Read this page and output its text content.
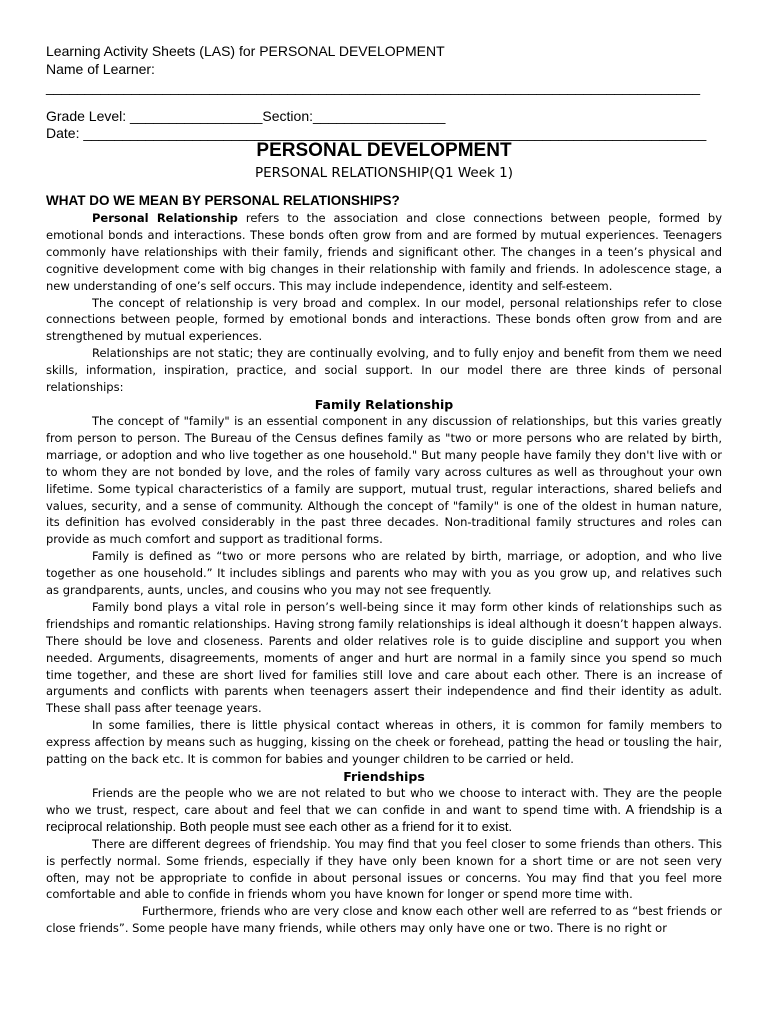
Learning Activity Sheets (LAS) for PERSONAL DEVELOPMENT
Name of Learner:
____________________________________________________________________________________
Grade Level: _________________Section:_________________
Date: ________________________________________________________________________________
PERSONAL DEVELOPMENT
PERSONAL RELATIONSHIP(Q1 Week 1)
WHAT DO WE MEAN BY PERSONAL RELATIONSHIPS?

Personal Relationship refers to the association and close connections between people, formed by emotional bonds and interactions. These bonds often grow from and are formed by mutual experiences. Teenagers commonly have relationships with their family, friends and significant other. The changes in a teen’s physical and cognitive development come with big changes in their relationship with family and friends. In adolescence stage, a new understanding of one’s self occurs. This may include independence, identity and self-esteem.

The concept of relationship is very broad and complex. In our model, personal relationships refer to close connections between people, formed by emotional bonds and interactions. These bonds often grow from and are strengthened by mutual experiences.

Relationships are not static; they are continually evolving, and to fully enjoy and benefit from them we need skills, information, inspiration, practice, and social support. In our model there are three kinds of personal relationships:

Family Relationship

The concept of "family" is an essential component in any discussion of relationships, but this varies greatly from person to person. The Bureau of the Census defines family as "two or more persons who are related by birth, marriage, or adoption and who live together as one household." But many people have family they don't live with or to whom they are not bonded by love, and the roles of family vary across cultures as well as throughout your own lifetime. Some typical characteristics of a family are support, mutual trust, regular interactions, shared beliefs and values, security, and a sense of community. Although the concept of "family" is one of the oldest in human nature, its definition has evolved considerably in the past three decades. Non-traditional family structures and roles can provide as much comfort and support as traditional forms.

Family is defined as “two or more persons who are related by birth, marriage, or adoption, and who live together as one household.” It includes siblings and parents who may with you as you grow up, and relatives such as grandparents, aunts, uncles, and cousins who you may not see frequently.

Family bond plays a vital role in person’s well-being since it may form other kinds of relationships such as friendships and romantic relationships. Having strong family relationships is ideal although it doesn’t happen always. There should be love and closeness. Parents and older relatives role is to guide discipline and support you when needed. Arguments, disagreements, moments of anger and hurt are normal in a family since you spend so much time together, and these are short lived for families still love and care about each other. There is an increase of arguments and conflicts with parents when teenagers assert their independence and find their identity as adult. These shall pass after teenage years.

In some families, there is little physical contact whereas in others, it is common for family members to express affection by means such as hugging, kissing on the cheek or forehead, patting the head or tousling the hair, patting on the back etc. It is common for babies and younger children to be carried or held.

Friendships

Friends are the people who we are not related to but who we choose to interact with. They are the people who we trust, respect, care about and feel that we can confide in and want to spend time with. A friendship is a reciprocal relationship. Both people must see each other as a friend for it to exist.

There are different degrees of friendship. You may find that you feel closer to some friends than others. This is perfectly normal. Some friends, especially if they have only been known for a short time or are not seen very often, may not be appropriate to confide in about personal issues or concerns. You may find that you feel more comfortable and able to confide in friends whom you have known for longer or spend more time with.

Furthermore, friends who are very close and know each other well are referred to as “best friends or close friends”. Some people have many friends, while others may only have one or two. There is no right or
